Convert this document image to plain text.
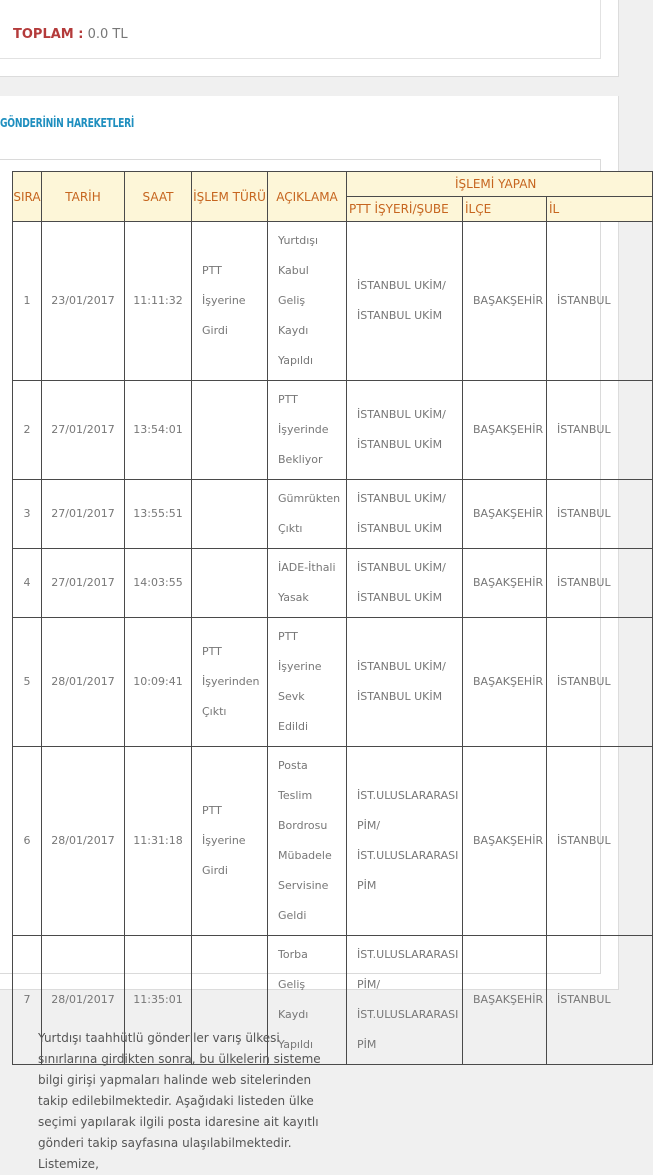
TOPLAM : 0.0 TL
GÖNDERİNİN HAREKETLERİ
SIRA	TARİH	SAAT	İŞLEM TÜRÜ	AÇIKLAMA	İŞLEMİ YAPAN		
					PTT İŞYERİ/ŞUBE	İLÇE	İL
1	23/01/2017	11:11:32	PTT İşyerine Girdi	Yurtdışı Kabul Geliş Kaydı Yapıldı	İSTANBUL UKİM/ İSTANBUL UKİM	BAŞAKŞEHİR	İSTANBUL
2	27/01/2017	13:54:01		PTT İşyerinde Bekliyor	İSTANBUL UKİM/ İSTANBUL UKİM	BAŞAKŞEHİR	İSTANBUL
3	27/01/2017	13:55:51		Gümrükten Çıktı	İSTANBUL UKİM/ İSTANBUL UKİM	BAŞAKŞEHİR	İSTANBUL
4	27/01/2017	14:03:55		İADE-İthali Yasak	İSTANBUL UKİM/ İSTANBUL UKİM	BAŞAKŞEHİR	İSTANBUL
5	28/01/2017	10:09:41	PTT İşyerinden Çıktı	PTT İşyerine Sevk Edildi	İSTANBUL UKİM/ İSTANBUL UKİM	BAŞAKŞEHİR	İSTANBUL
6	28/01/2017	11:31:18	PTT İşyerine Girdi	Posta Teslim Bordrosu Mübadele Servisine Geldi	İST.ULUSLARARASI PİM/ İST.ULUSLARARASI PİM	BAŞAKŞEHİR	İSTANBUL
7	28/01/2017	11:35:01		Torba Geliş Kaydı Yapıldı	İST.ULUSLARARASI PİM/ İST.ULUSLARARASI PİM	BAŞAKŞEHİR	İSTANBUL
Yurtdışı taahhütlü gönderiler varış ülkesi sınırlarına girdikten sonra, bu ülkelerin sisteme bilgi girişi yapmaları halinde web sitelerinden takip edilebilmektedir. Aşağıdaki listeden ülke seçimi yapılarak ilgili posta idaresine ait kayıtlı gönderi takip sayfasına ulaşılabilmektedir. Listemize,
